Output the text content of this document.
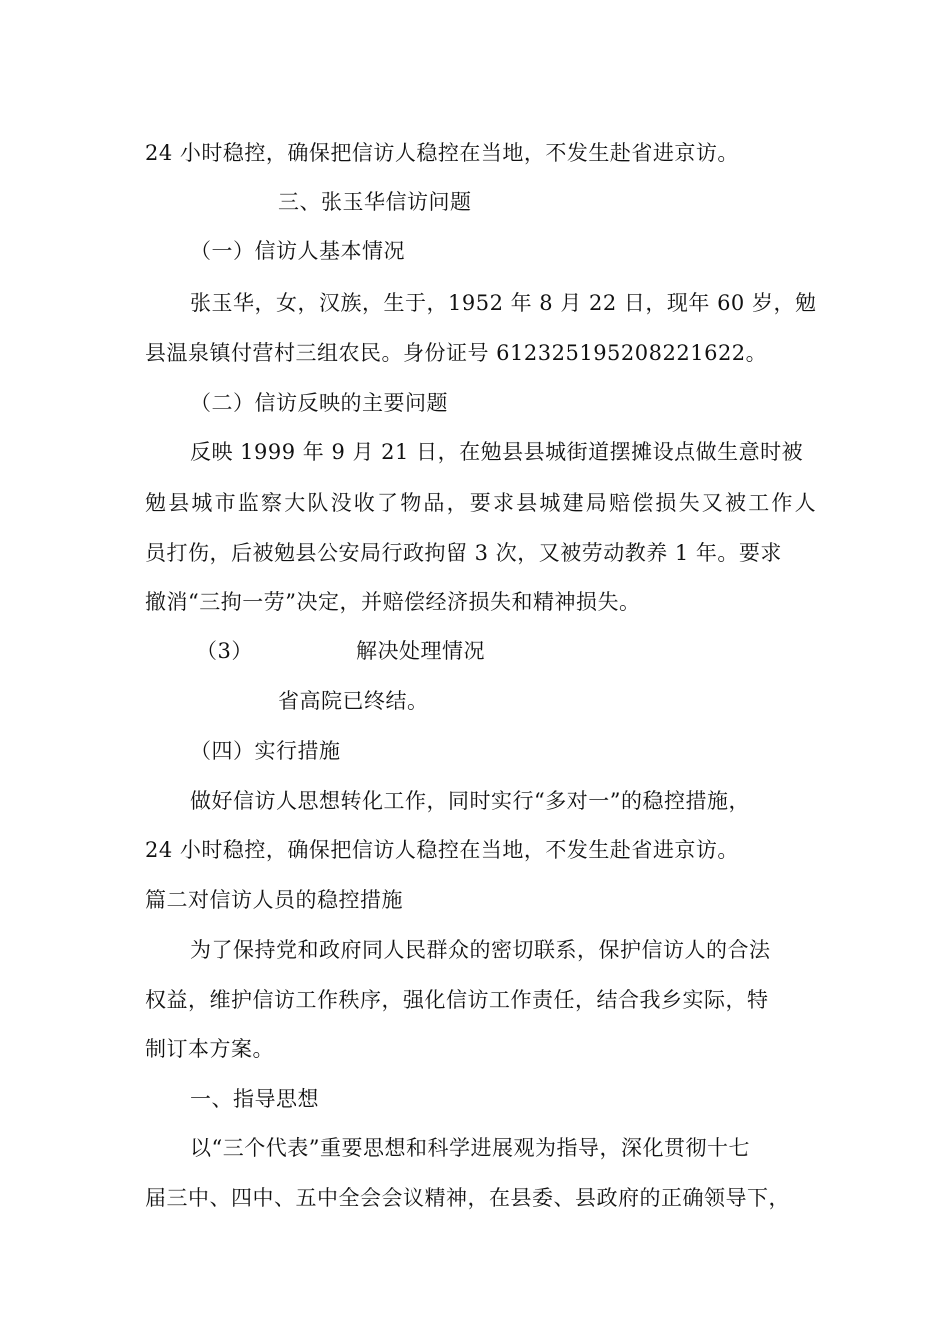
24 小时稳控，确保把信访人稳控在当地，不发生赴省进京访。
三、张玉华信访问题
（一）信访人基本情况
张玉华，女，汉族，生于，1952 年 8 月 22 日，现年 60 岁，勉
县温泉镇付营村三组农民。身份证号 612325195208221622。
（二）信访反映的主要问题
反映 1999 年 9 月 21 日，在勉县县城街道摆摊设点做生意时被
勉县城市监察大队没收了物品，要求县城建局赔偿损失又被工作人
员打伤，后被勉县公安局行政拘留 3 次，又被劳动教养 1 年。要求
撤消“三拘一劳”决定，并赔偿经济损失和精神损失。
（3）	解决处理情况
省高院已终结。
（四）实行措施
做好信访人思想转化工作，同时实行“多对一”的稳控措施，
24 小时稳控，确保把信访人稳控在当地，不发生赴省进京访。
篇二对信访人员的稳控措施
为了保持党和政府同人民群众的密切联系，保护信访人的合法
权益，维护信访工作秩序，强化信访工作责任，结合我乡实际，特
制订本方案。
一、指导思想
以“三个代表”重要思想和科学进展观为指导，深化贯彻十七
届三中、四中、五中全会会议精神，在县委、县政府的正确领导下，
